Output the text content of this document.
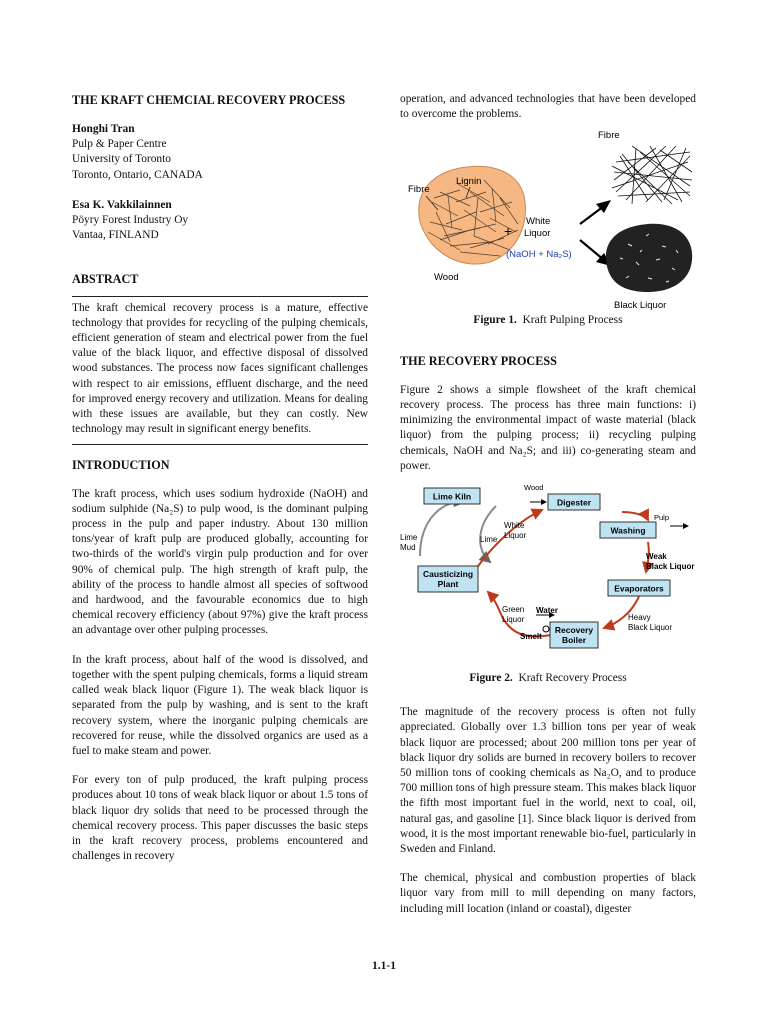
THE KRAFT CHEMCIAL RECOVERY PROCESS
Honghi Tran
Pulp & Paper Centre
University of Toronto
Toronto, Ontario, CANADA
Esa K. Vakkilainnen
Pöyry Forest Industry Oy
Vantaa, FINLAND
ABSTRACT

The kraft chemical recovery process is a mature, effective technology that provides for recycling of the pulping chemicals, efficient generation of steam and electrical power from the fuel value of the black liquor, and effective disposal of dissolved wood substances. The process now faces significant challenges with respect to air emissions, effluent discharge, and the need for improved energy recovery and utilization. Means for dealing with these issues are available, but they can costly. New technology may result in significant energy benefits.

INTRODUCTION

The kraft process, which uses sodium hydroxide (NaOH) and sodium sulphide (Na₂S) to pulp wood, is the dominant pulping process in the pulp and paper industry. About 130 million tons/year of kraft pulp are produced globally, accounting for two-thirds of the world's virgin pulp production and for over 90% of chemical pulp. The high strength of kraft pulp, the ability of the process to handle almost all species of softwood and hardwood, and the favourable economics due to high chemical recovery efficiency (about 97%) give the kraft process an advantage over other pulping processes.

In the kraft process, about half of the wood is dissolved, and together with the spent pulping chemicals, forms a liquid stream called weak black liquor (Figure 1). The weak black liquor is separated from the pulp by washing, and is sent to the kraft recovery system, where the inorganic pulping chemicals are recovered for reuse, while the dissolved organics are used as a fuel to make steam and power.

For every ton of pulp produced, the kraft pulping process produces about 10 tons of weak black liquor or about 1.5 tons of black liquor dry solids that need to be processed through the chemical recovery process. This paper discusses the basic steps in the kraft recovery process, problems encountered and challenges in recovery

operation, and advanced technologies that have been developed to overcome the problems.

Fibre
Lignin
Wood
+
White
Liquor
(NaOH + Na₂S)
Fibre
Black Liquor
Figure 1. Kraft Pulping Process
THE RECOVERY PROCESS

Figure 2 shows a simple flowsheet of the kraft chemical recovery process. The process has three main functions: i) minimizing the environmental impact of waste material (black liquor) from the pulping process; ii) recycling pulping chemicals, NaOH and Na₂S; and iii) co-generating steam and power.

Lime Kiln
Digester
Washing
Causticizing
Plant	Evaporators
Recovery
Boiler
Wood
Pulp
White
Liquor
Lime
Lime
Mud
Weak
Black Liquor
Green
Liquor
Water
Smelt
Heavy
Black Liquor
Figure 2. Kraft Recovery Process

The magnitude of the recovery process is often not fully appreciated. Globally over 1.3 billion tons per year of weak black liquor are processed; about 200 million tons per year of black liquor dry solids are burned in recovery boilers to recover 50 million tons of cooking chemicals as Na₂O, and to produce 700 million tons of high pressure steam. This makes black liquor the fifth most important fuel in the world, next to coal, oil, natural gas, and gasoline [1]. Since black liquor is derived from wood, it is the most important renewable bio-fuel, particularly in Sweden and Finland.

The chemical, physical and combustion properties of black liquor vary from mill to mill depending on many factors, including mill location (inland or coastal), digester

1.1-1
